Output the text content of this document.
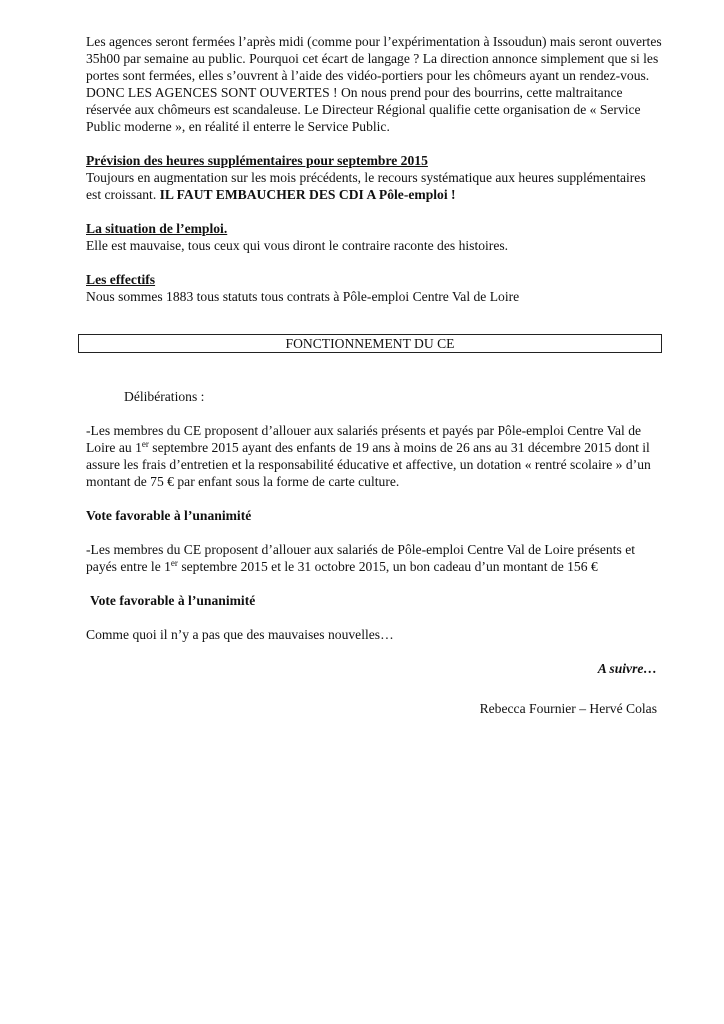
Les agences seront fermées l’après midi (comme pour l’expérimentation à Issoudun) mais seront ouvertes 35h00 par semaine au public. Pourquoi cet écart de langage ? La direction annonce simplement que si les portes sont fermées, elles s’ouvrent à l’aide des vidéo-portiers pour les chômeurs ayant un rendez-vous. DONC LES AGENCES SONT OUVERTES ! On nous prend pour des bourrins, cette maltraitance réservée aux chômeurs est scandaleuse. Le Directeur Régional qualifie cette organisation de « Service Public moderne », en réalité il enterre le Service Public.

Prévision des heures supplémentaires pour septembre 2015

Toujours en augmentation sur les mois précédents, le recours systématique aux heures supplémentaires est croissant. IL FAUT EMBAUCHER DES CDI A Pôle-emploi !

La situation de l’emploi.

Elle est mauvaise, tous ceux qui vous diront le contraire raconte des histoires.

Les effectifs

Nous sommes 1883 tous statuts tous contrats à Pôle-emploi Centre Val de Loire

FONCTIONNEMENT DU CE

Délibérations :

-Les membres du CE proposent d’allouer aux salariés présents et payés par Pôle-emploi Centre Val de Loire au 1er septembre 2015 ayant des enfants de 19 ans à moins de 26 ans au 31 décembre 2015 dont il assure les frais d’entretien et la responsabilité éducative et affective, un dotation « rentré scolaire » d’un montant de 75 € par enfant sous la forme de carte culture.

Vote favorable à l’unanimité

-Les membres du CE proposent d’allouer aux salariés de Pôle-emploi Centre Val de Loire présents et payés entre le 1er septembre 2015 et le 31 octobre 2015, un bon cadeau d’un montant de 156 €

Vote favorable à l’unanimité

Comme quoi il n’y a pas que des mauvaises nouvelles…

A suivre…

Rebecca Fournier – Hervé Colas
